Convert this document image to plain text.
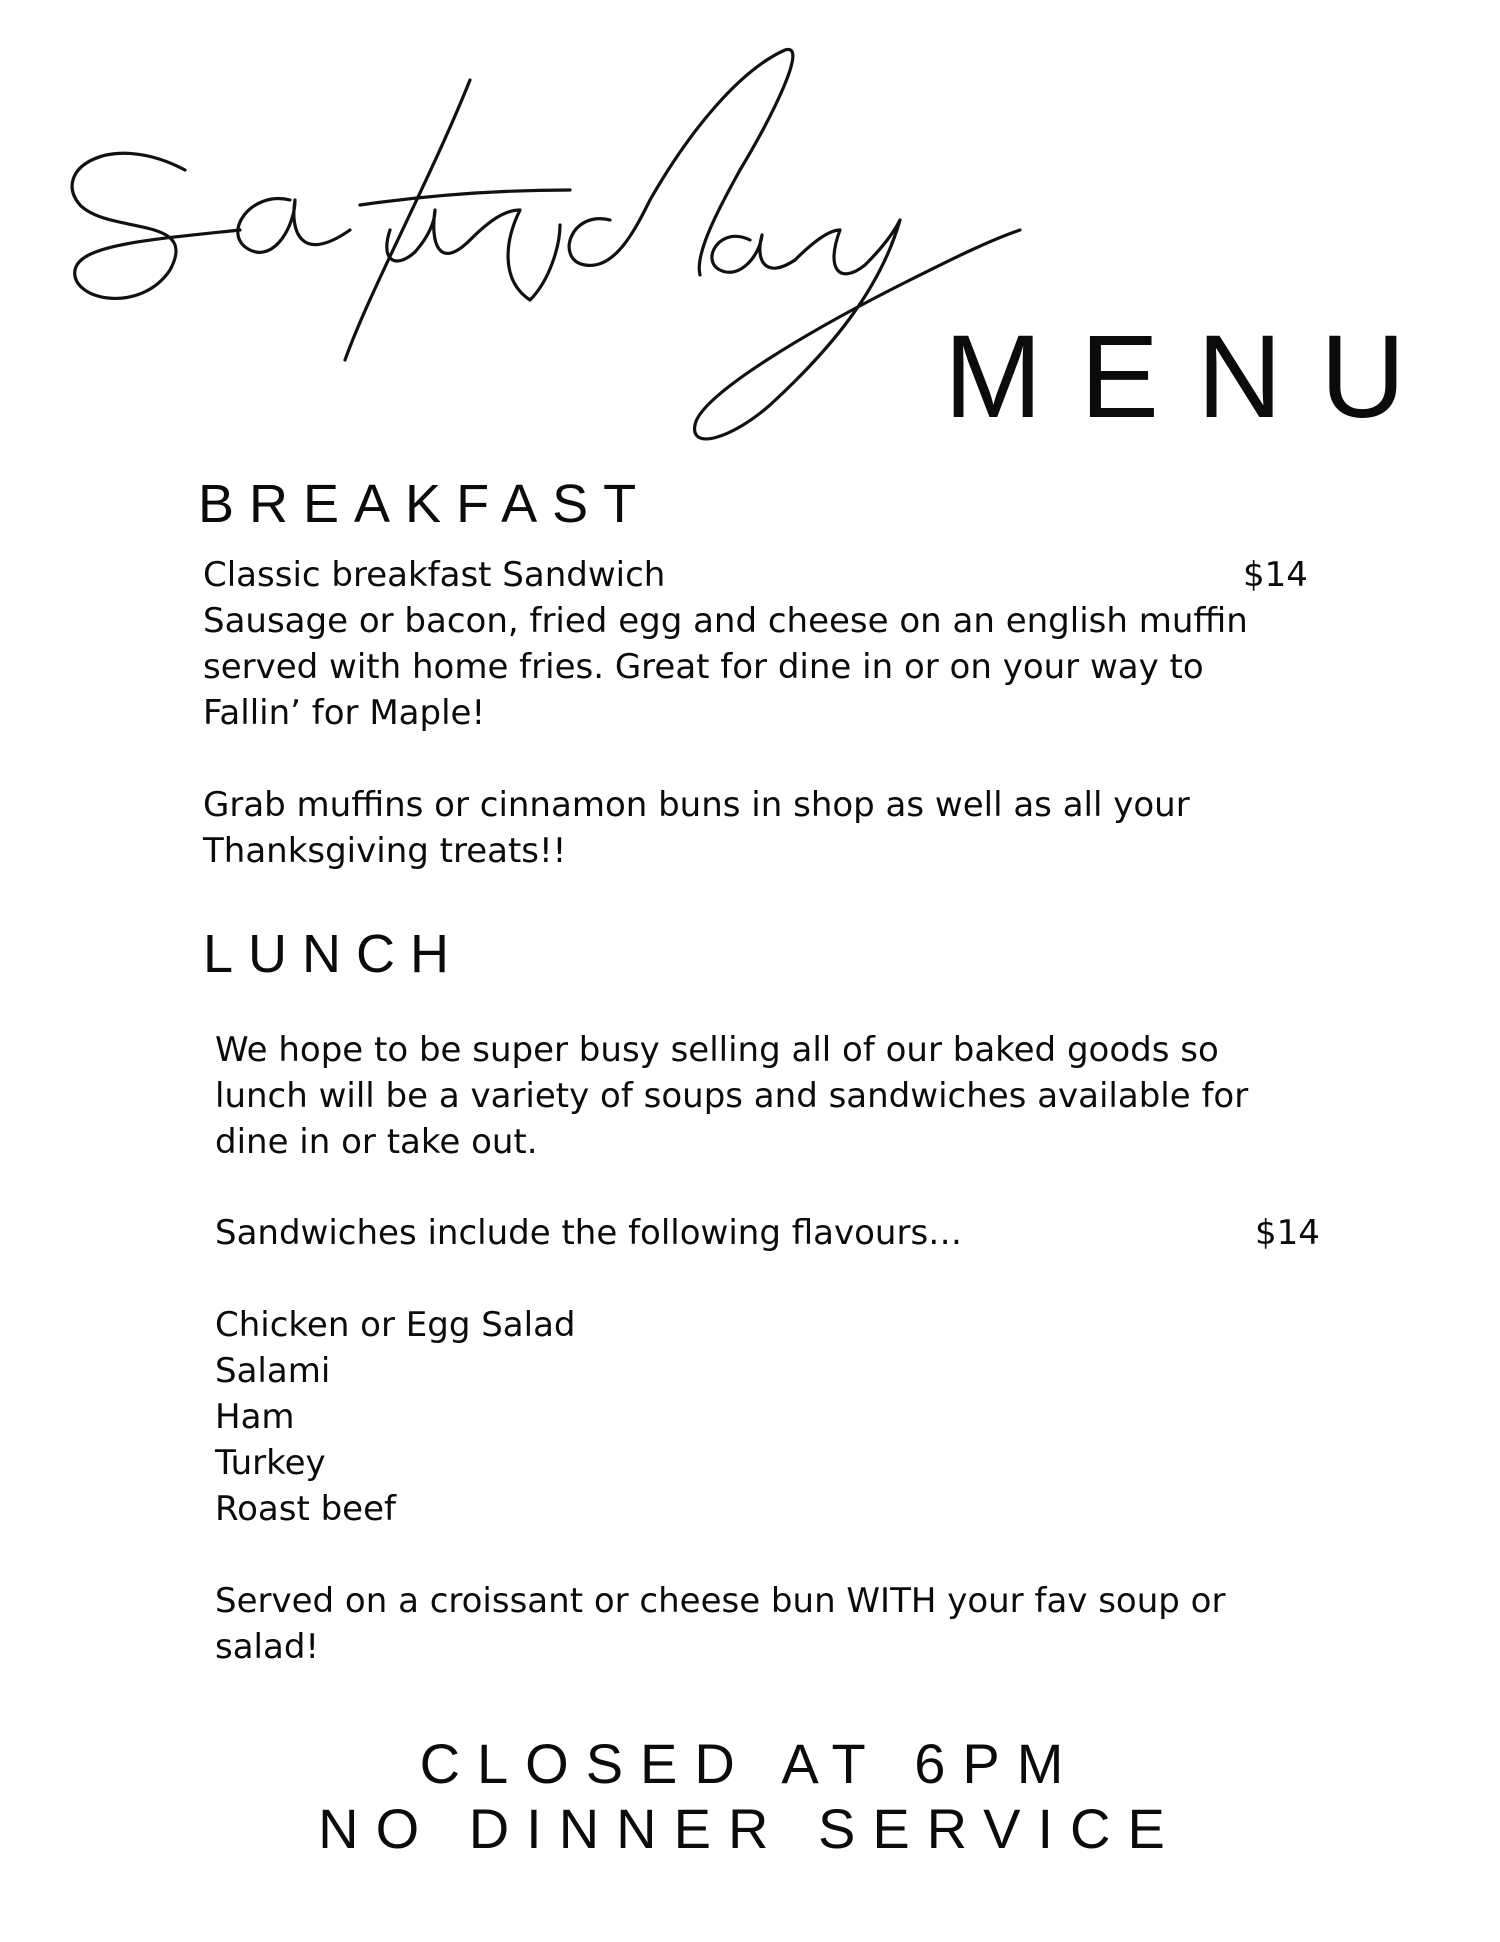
MENU
BREAKFAST
Classic breakfast Sandwich	$14
Sausage or bacon, fried egg and cheese on an english muffin
served with home fries. Great for dine in or on your way to
Fallin’ for Maple!
Grab muffins or cinnamon buns in shop as well as all your
Thanksgiving treats!!
LUNCH
We hope to be super busy selling all of our baked goods so
lunch will be a variety of soups and sandwiches available for
dine in or take out.
Sandwiches include the following flavours…	$14
Chicken or Egg Salad
Salami
Ham
Turkey
Roast beef
Served on a croissant or cheese bun WITH your fav soup or
salad!
CLOSED AT 6PM
NO DINNER SERVICE
